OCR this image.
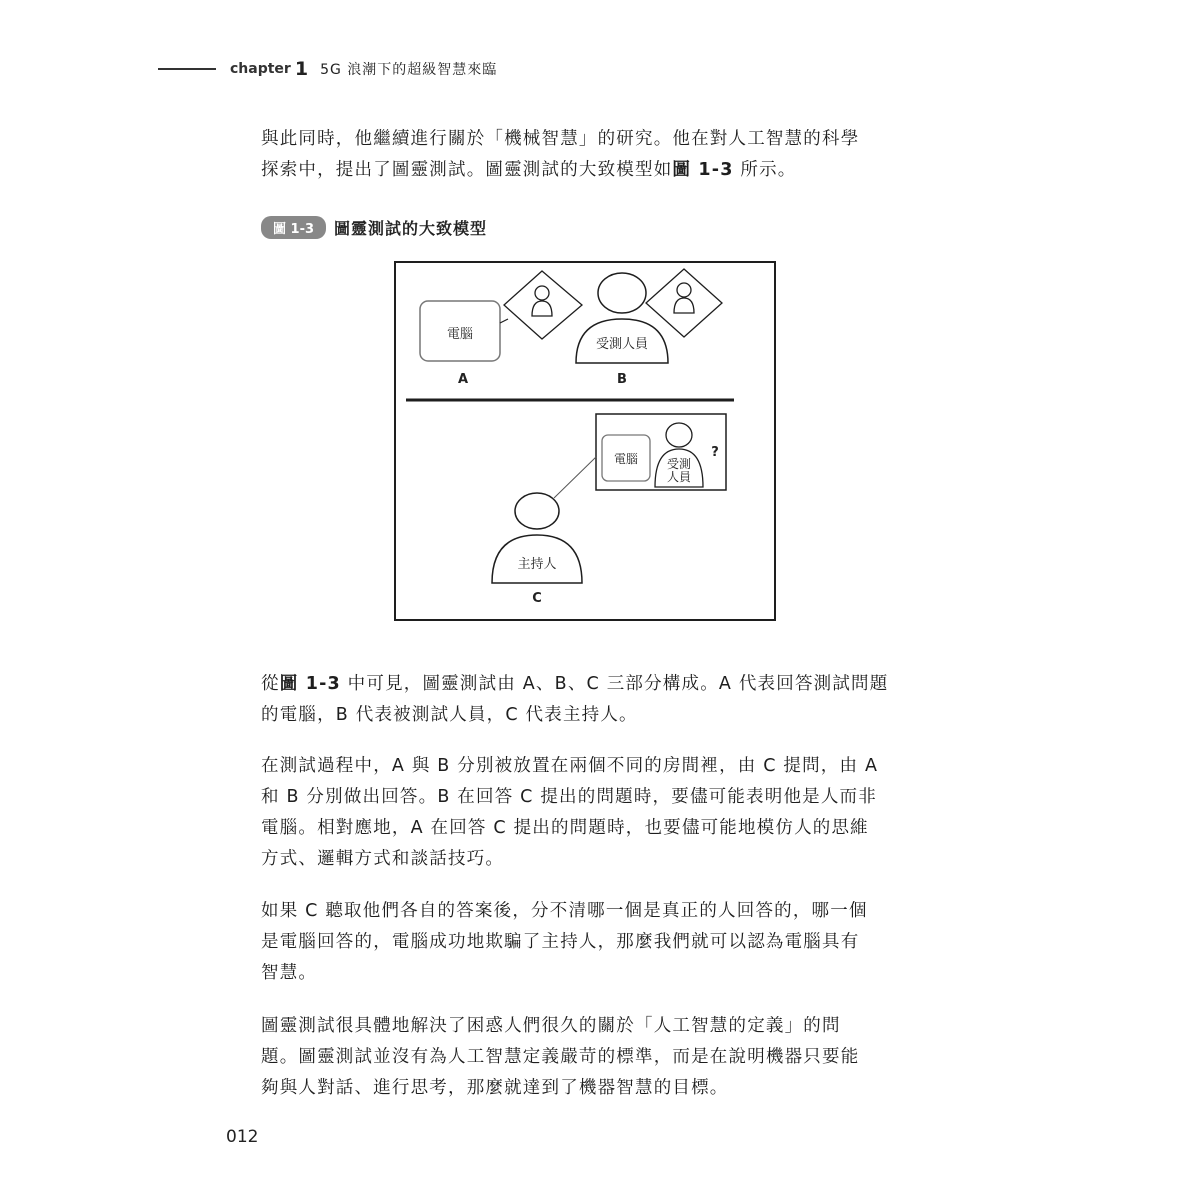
chapter 1 5G 浪潮下的超級智慧來臨

與此同時，他繼續進行關於「機械智慧」的研究。他在對人工智慧的科學
探索中，提出了圖靈測試。圖靈測試的大致模型如圖 1-3 所示。

圖 1-3	圖靈測試的大致模型
電腦
受測人員
A	B
電腦 受測
人員
?
主持人
C

從圖 1-3 中可見，圖靈測試由 A、B、C 三部分構成。A 代表回答測試問題
的電腦，B 代表被測試人員，C 代表主持人。

在測試過程中，A 與 B 分別被放置在兩個不同的房間裡，由 C 提問，由 A
和 B 分別做出回答。B 在回答 C 提出的問題時，要儘可能表明他是人而非
電腦。相對應地，A 在回答 C 提出的問題時，也要儘可能地模仿人的思維
方式、邏輯方式和談話技巧。

如果 C 聽取他們各自的答案後，分不清哪一個是真正的人回答的，哪一個
是電腦回答的，電腦成功地欺騙了主持人，那麼我們就可以認為電腦具有
智慧。

圖靈測試很具體地解決了困惑人們很久的關於「人工智慧的定義」的問
題。圖靈測試並沒有為人工智慧定義嚴苛的標準，而是在說明機器只要能
夠與人對話、進行思考，那麼就達到了機器智慧的目標。

012
